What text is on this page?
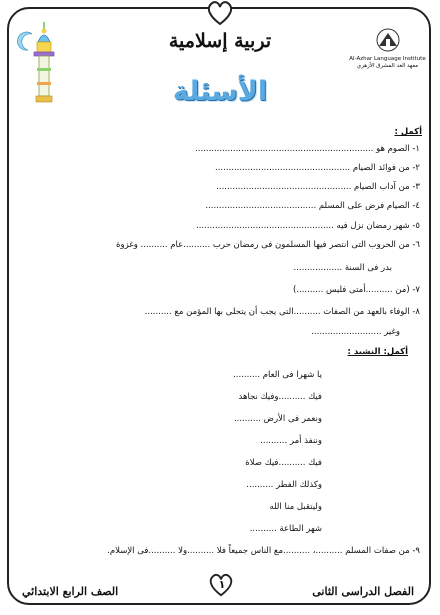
١
تربية إسلامية
الأسئلة
Al-Azhar Language Institute
معهد الغد المشرق الأزهري
أكمل :
١- الصوم هو ..................................................................
٢- من فوائد الصيام ..................................................
٣- من آداب الصيام ..................................................
٤- الصيام فرض على المسلم .........................................
٥- شهر رمضان نزل فيه ...................................................
٦- من الحروب التى انتصر فيها المسلمون فى رمضان حرب ..........عام .......... وغزوة
بدر فى السنة ..................
٧- (من ..........أمتى فليس ..........)
٨- الوفاء بالعهد من الصفات ..........التى يجب أن يتحلى بها المؤمن مع ..........
وغير ..........................
أكمل: النشيد :
يا شهرا فى العام ..........
فيك ..........وفيك نجاهد
ونعمر فى الأرض ..........
وننفذ أمر ..........
فيك ..........فيك صلاة
وكذلك الفطر ..........
وليتقبل منا الله
شهر الطاعة ..........
٩- من صفات المسلم ..........، ..........مع الناس جميعاً فلا ..........ولا ..........فى الإسلام.
الصف الرابع الابتدائي	الفصل الدراسى الثانى
